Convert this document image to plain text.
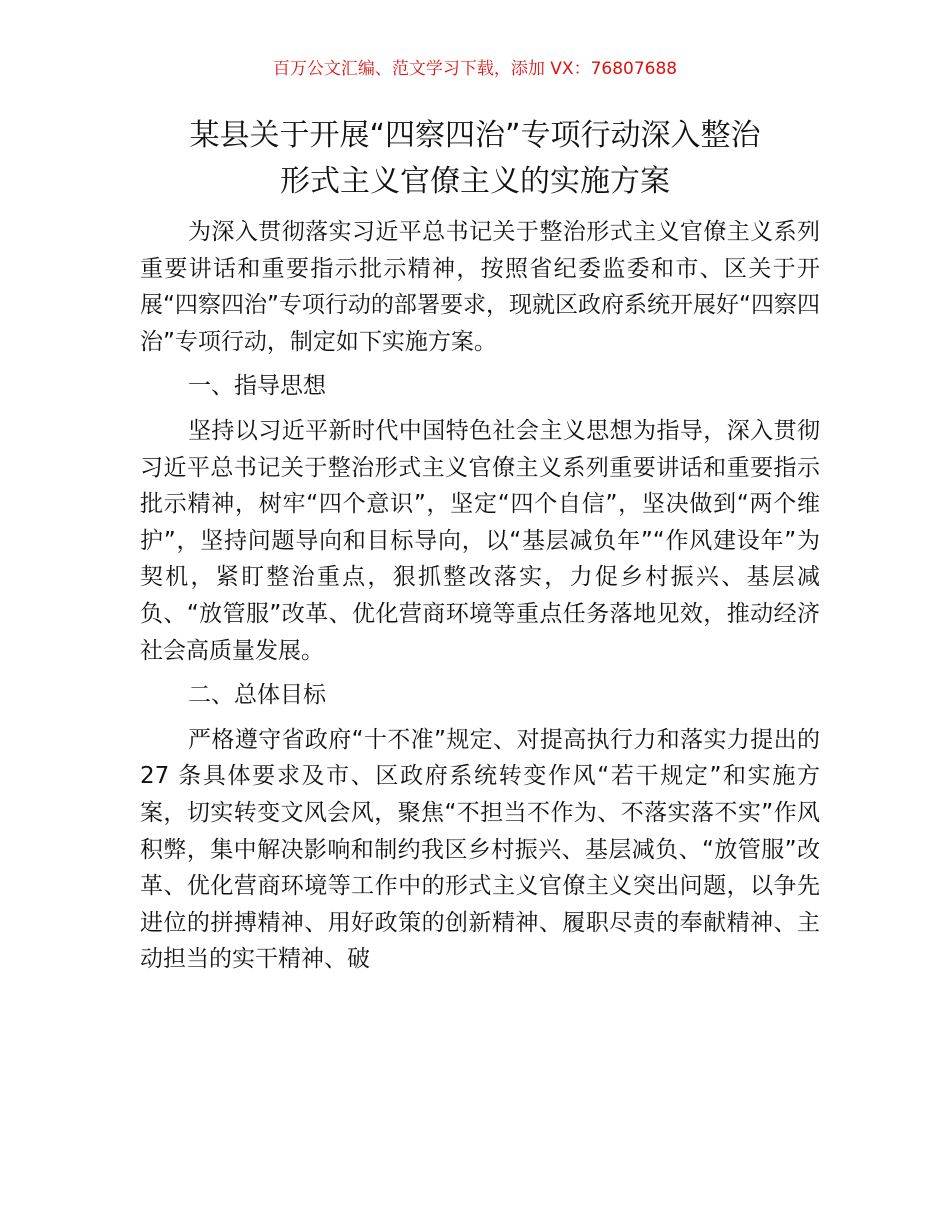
百万公文汇编、范文学习下载，添加 VX：76807688
某县关于开展“四察四治”专项行动深入整治
形式主义官僚主义的实施方案

为深入贯彻落实习近平总书记关于整治形式主义官僚主义系列重要讲话和重要指示批示精神，按照省纪委监委和市、区关于开展“四察四治”专项行动的部署要求，现就区政府系统开展好“四察四治”专项行动，制定如下实施方案。

一、指导思想

坚持以习近平新时代中国特色社会主义思想为指导，深入贯彻习近平总书记关于整治形式主义官僚主义系列重要讲话和重要指示批示精神，树牢“四个意识”，坚定“四个自信”，坚决做到“两个维护”，坚持问题导向和目标导向，以“基层减负年”“作风建设年”为契机，紧盯整治重点，狠抓整改落实，力促乡村振兴、基层减负、“放管服”改革、优化营商环境等重点任务落地见效，推动经济社会高质量发展。

二、总体目标

严格遵守省政府“十不准”规定、对提高执行力和落实力提出的 27 条具体要求及市、区政府系统转变作风“若干规定”和实施方案，切实转变文风会风，聚焦“不担当不作为、不落实落不实”作风积弊，集中解决影响和制约我区乡村振兴、基层减负、“放管服”改革、优化营商环境等工作中的形式主义官僚主义突出问题，以争先进位的拼搏精神、用好政策的创新精神、履职尽责的奉献精神、主动担当的实干精神、破
